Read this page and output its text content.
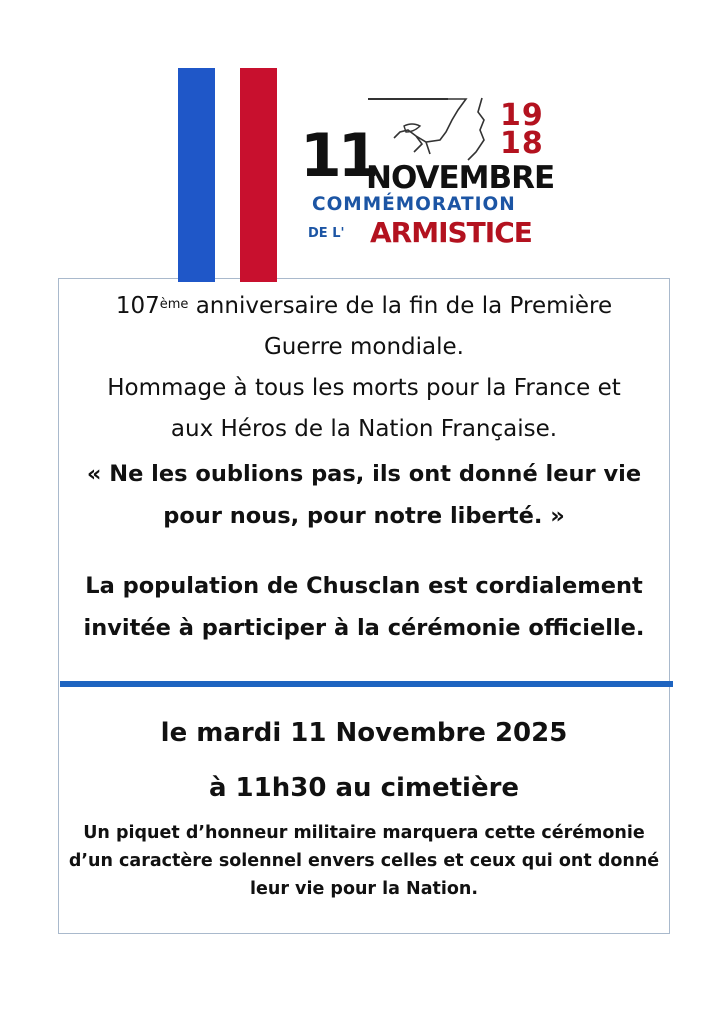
19
18
11
NOVEMBRE
COMMÉMORATION
DE L' ARMISTICE
107ème anniversaire de la fin de la Première
Guerre mondiale.
Hommage à tous les morts pour la France et
aux Héros de la Nation Française.
« Ne les oublions pas, ils ont donné leur vie
pour nous, pour notre liberté. »
La population de Chusclan est cordialement
invitée à participer à la cérémonie officielle.
le mardi 11 Novembre 2025
à 11h30 au cimetière
Un piquet d’honneur militaire marquera cette cérémonie
d’un caractère solennel envers celles et ceux qui ont donné
leur vie pour la Nation.
